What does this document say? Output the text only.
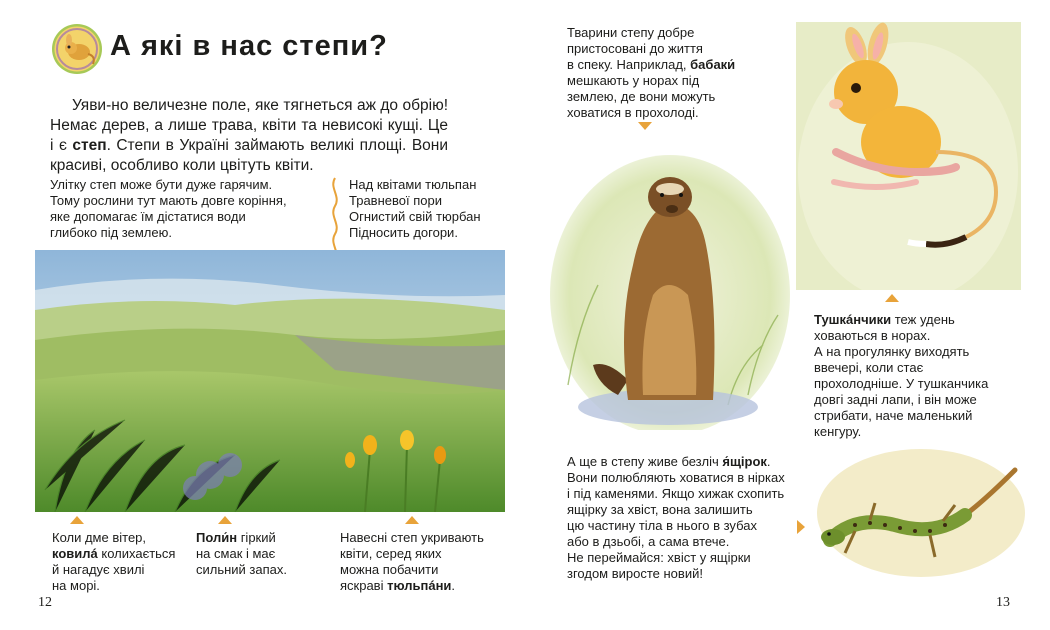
А які в нас степи?
Уяви-но величезне поле, яке тягнеться аж до обрію! Немає дерев, а лише трава, квіти та невисокі кущі. Це і є степ. Степи в Україні займають великі площі. Вони красиві, особливо коли цвітуть квіти.
Улітку степ може бути дуже гарячим.
Тому рослини тут мають довге коріння,
яке допомагає їм дістатися води
глибоко під землею.
Над квітами тюльпан
Травневої пори
Огнистий свій тюрбан
Підносить догори.
Коли дме вітер,
ковилá колихається
й нагадує хвилі
на морі.
Поли́н гіркий
на смак і має
сильний запах.
Навесні степ укривають
квіти, серед яких
можна побачити
яскраві тюльпáни.
12
Тварини степу добре
пристосовані до життя
в спеку. Наприклад, бабаки́
мешкають у норах під
землею, де вони можуть
ховатися в прохолоді.
Тушкáнчики теж удень
ховаються в норах.
А на прогулянку виходять
ввечері, коли стає
прохолодніше. У тушканчика
довгі задні лапи, і він може
стрибати, наче маленький
кенгуру.
А ще в степу живе безліч я́щірок.
Вони полюбляють ховатися в нірках
і під каменями. Якщо хижак схопить
ящірку за хвіст, вона залишить
цю частину тіла в нього в зубах
або в дзьобі, а сама втече.
Не переймайся: хвіст у ящірки
згодом виросте новий!
13
